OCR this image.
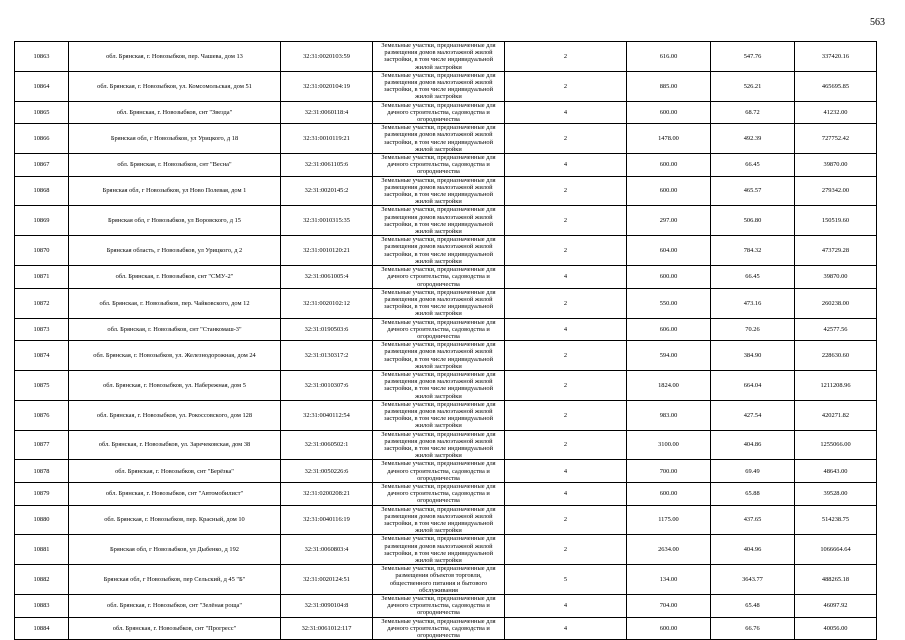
563
10863	обл. Брянская, г. Новозыбков, пер. Чашева, дом 13	32:31:0020103:59	Земельные участки, предназначенные для размещения домов малоэтажной жилой застройки, в том числе индивидуальной жилой застройки	2	616.00	547.76	337420.16
10864	обл. Брянская, г. Новозыбков, ул. Комсомольская, дом 51	32:31:0020104:19	Земельные участки, предназначенные для размещения домов малоэтажной жилой застройки, в том числе индивидуальной жилой застройки	2	885.00	526.21	465695.85
10865	обл. Брянская, г. Новозыбков, снт "Звезда"	32:31:0060118:4	Земельные участки, предназначенные для дачного строительства, садоводства и огородничества	4	600.00	68.72	41232.00
10866	Брянская обл, г Новозыбков, ул Урицкого, д 18	32:31:0010119:21	Земельные участки, предназначенные для размещения домов малоэтажной жилой застройки, в том числе индивидуальной жилой застройки	2	1478.00	492.39	727752.42
10867	обл. Брянская, г. Новозыбков, снт "Весна"	32:31:0061105:6	Земельные участки, предназначенные для дачного строительства, садоводства и огородничества	4	600.00	66.45	39870.00
10868	Брянская обл, г Новозыбков, ул Ново Полевая, дом 1	32:31:0020145:2	Земельные участки, предназначенные для размещения домов малоэтажной жилой застройки, в том числе индивидуальной жилой застройки	2	600.00	465.57	279342.00
10869	Брянская обл, г Новозыбков, ул Воровского, д 15	32:31:0010315:35	Земельные участки, предназначенные для размещения домов малоэтажной жилой застройки, в том числе индивидуальной жилой застройки	2	297.00	506.80	150519.60
10870	Брянская область, г Новозыбков, ул Урицкого, д 2	32:31:0010120:21	Земельные участки, предназначенные для размещения домов малоэтажной жилой застройки, в том числе индивидуальной жилой застройки	2	604.00	784.32	473729.28
10871	обл. Брянская, г. Новозыбков, снт "СМУ-2"	32:31:0061005:4	Земельные участки, предназначенные для дачного строительства, садоводства и огородничества	4	600.00	66.45	39870.00
10872	обл. Брянская, г. Новозыбков, пер. Чайковского, дом 12	32:31:0020102:12	Земельные участки, предназначенные для размещения домов малоэтажной жилой застройки, в том числе индивидуальной жилой застройки	2	550.00	473.16	260238.00
10873	обл. Брянская, г. Новозыбков, снт "Станкомаш-3"	32:31:0190503:6	Земельные участки, предназначенные для дачного строительства, садоводства и огородничества	4	606.00	70.26	42577.56
10874	обл. Брянская, г. Новозыбков, ул. Железнодорожная, дом 24	32:31:0130317:2	Земельные участки, предназначенные для размещения домов малоэтажной жилой застройки, в том числе индивидуальной жилой застройки	2	594.00	384.90	228630.60
10875	обл. Брянская, г. Новозыбков, ул. Набережная, дом 5	32:31:0010307:6	Земельные участки, предназначенные для размещения домов малоэтажной жилой застройки, в том числе индивидуальной жилой застройки	2	1824.00	664.04	1211208.96
10876	обл. Брянская, г. Новозыбков, ул. Рокоссовского, дом 128	32:31:0040112:54	Земельные участки, предназначенные для размещения домов малоэтажной жилой застройки, в том числе индивидуальной жилой застройки	2	983.00	427.54	420271.82
10877	обл. Брянская, г. Новозыбков, ул. Заречековская, дом 38	32:31:0060502:1	Земельные участки, предназначенные для размещения домов малоэтажной жилой застройки, в том числе индивидуальной жилой застройки	2	3100.00	404.86	1255066.00
10878	обл. Брянская, г. Новозыбков, снт "Берёзка"	32:31:0050226:6	Земельные участки, предназначенные для дачного строительства, садоводства и огородничества	4	700.00	69.49	48643.00
10879	обл. Брянская, г. Новозыбков, снт "Автомобилист"	32:31:0200208:21	Земельные участки, предназначенные для дачного строительства, садоводства и огородничества	4	600.00	65.88	39528.00
10880	обл. Брянская, г. Новозыбков, пер. Красный, дом 10	32:31:0040116:19	Земельные участки, предназначенные для размещения домов малоэтажной жилой застройки, в том числе индивидуальной жилой застройки	2	1175.00	437.65	514238.75
10881	Брянская обл, г Новозыбков, ул Дыбенко, д 192	32:31:0060803:4	Земельные участки, предназначенные для размещения домов малоэтажной жилой застройки, в том числе индивидуальной жилой застройки	2	2634.00	404.96	1066664.64
10882	Брянская обл, г Новозыбков, пер Сельский, д 45 "Б"	32:31:0020124:51	Земельные участки, предназначенные для размещения объектов торговли, общественного питания и бытового обслуживания	5	134.00	3643.77	488265.18
10883	обл. Брянская, г. Новозыбков, снт "Зелёная роща"	32:31:0090104:8	Земельные участки, предназначенные для дачного строительства, садоводства и огородничества	4	704.00	65.48	46097.92
10884	обл. Брянская, г. Новозыбков, снт "Прогресс"	32:31:0061012:117	Земельные участки, предназначенные для дачного строительства, садоводства и огородничества	4	600.00	66.76	40056.00
